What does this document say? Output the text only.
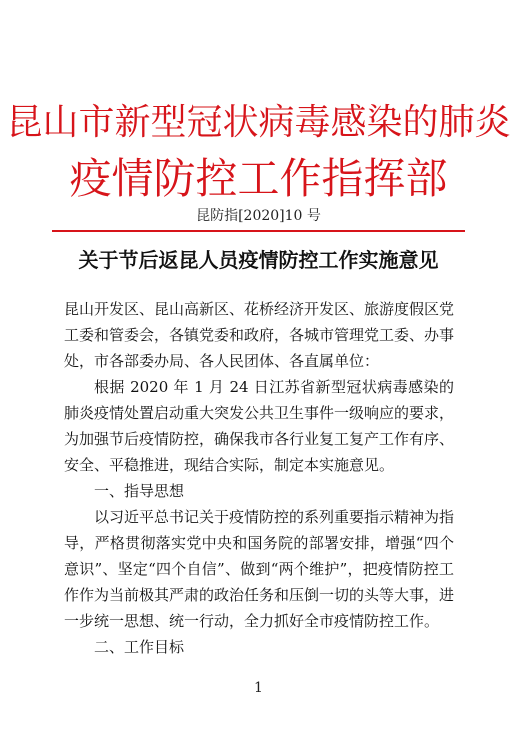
昆山市新型冠状病毒感染的肺炎
疫情防控工作指挥部
昆防指[2020]10 号
关于节后返昆人员疫情防控工作实施意见

昆山开发区、昆山高新区、花桥经济开发区、旅游度假区党工委和管委会，各镇党委和政府，各城市管理党工委、办事处，市各部委办局、各人民团体、各直属单位：

根据 2020 年 1 月 24 日江苏省新型冠状病毒感染的肺炎疫情处置启动重大突发公共卫生事件一级响应的要求，为加强节后疫情防控，确保我市各行业复工复产工作有序、安全、平稳推进，现结合实际，制定本实施意见。

一、指导思想

以习近平总书记关于疫情防控的系列重要指示精神为指导，严格贯彻落实党中央和国务院的部署安排，增强“四个意识”、坚定“四个自信”、做到“两个维护”，把疫情防控工作作为当前极其严肃的政治任务和压倒一切的头等大事，进一步统一思想、统一行动，全力抓好全市疫情防控工作。

二、工作目标

1
